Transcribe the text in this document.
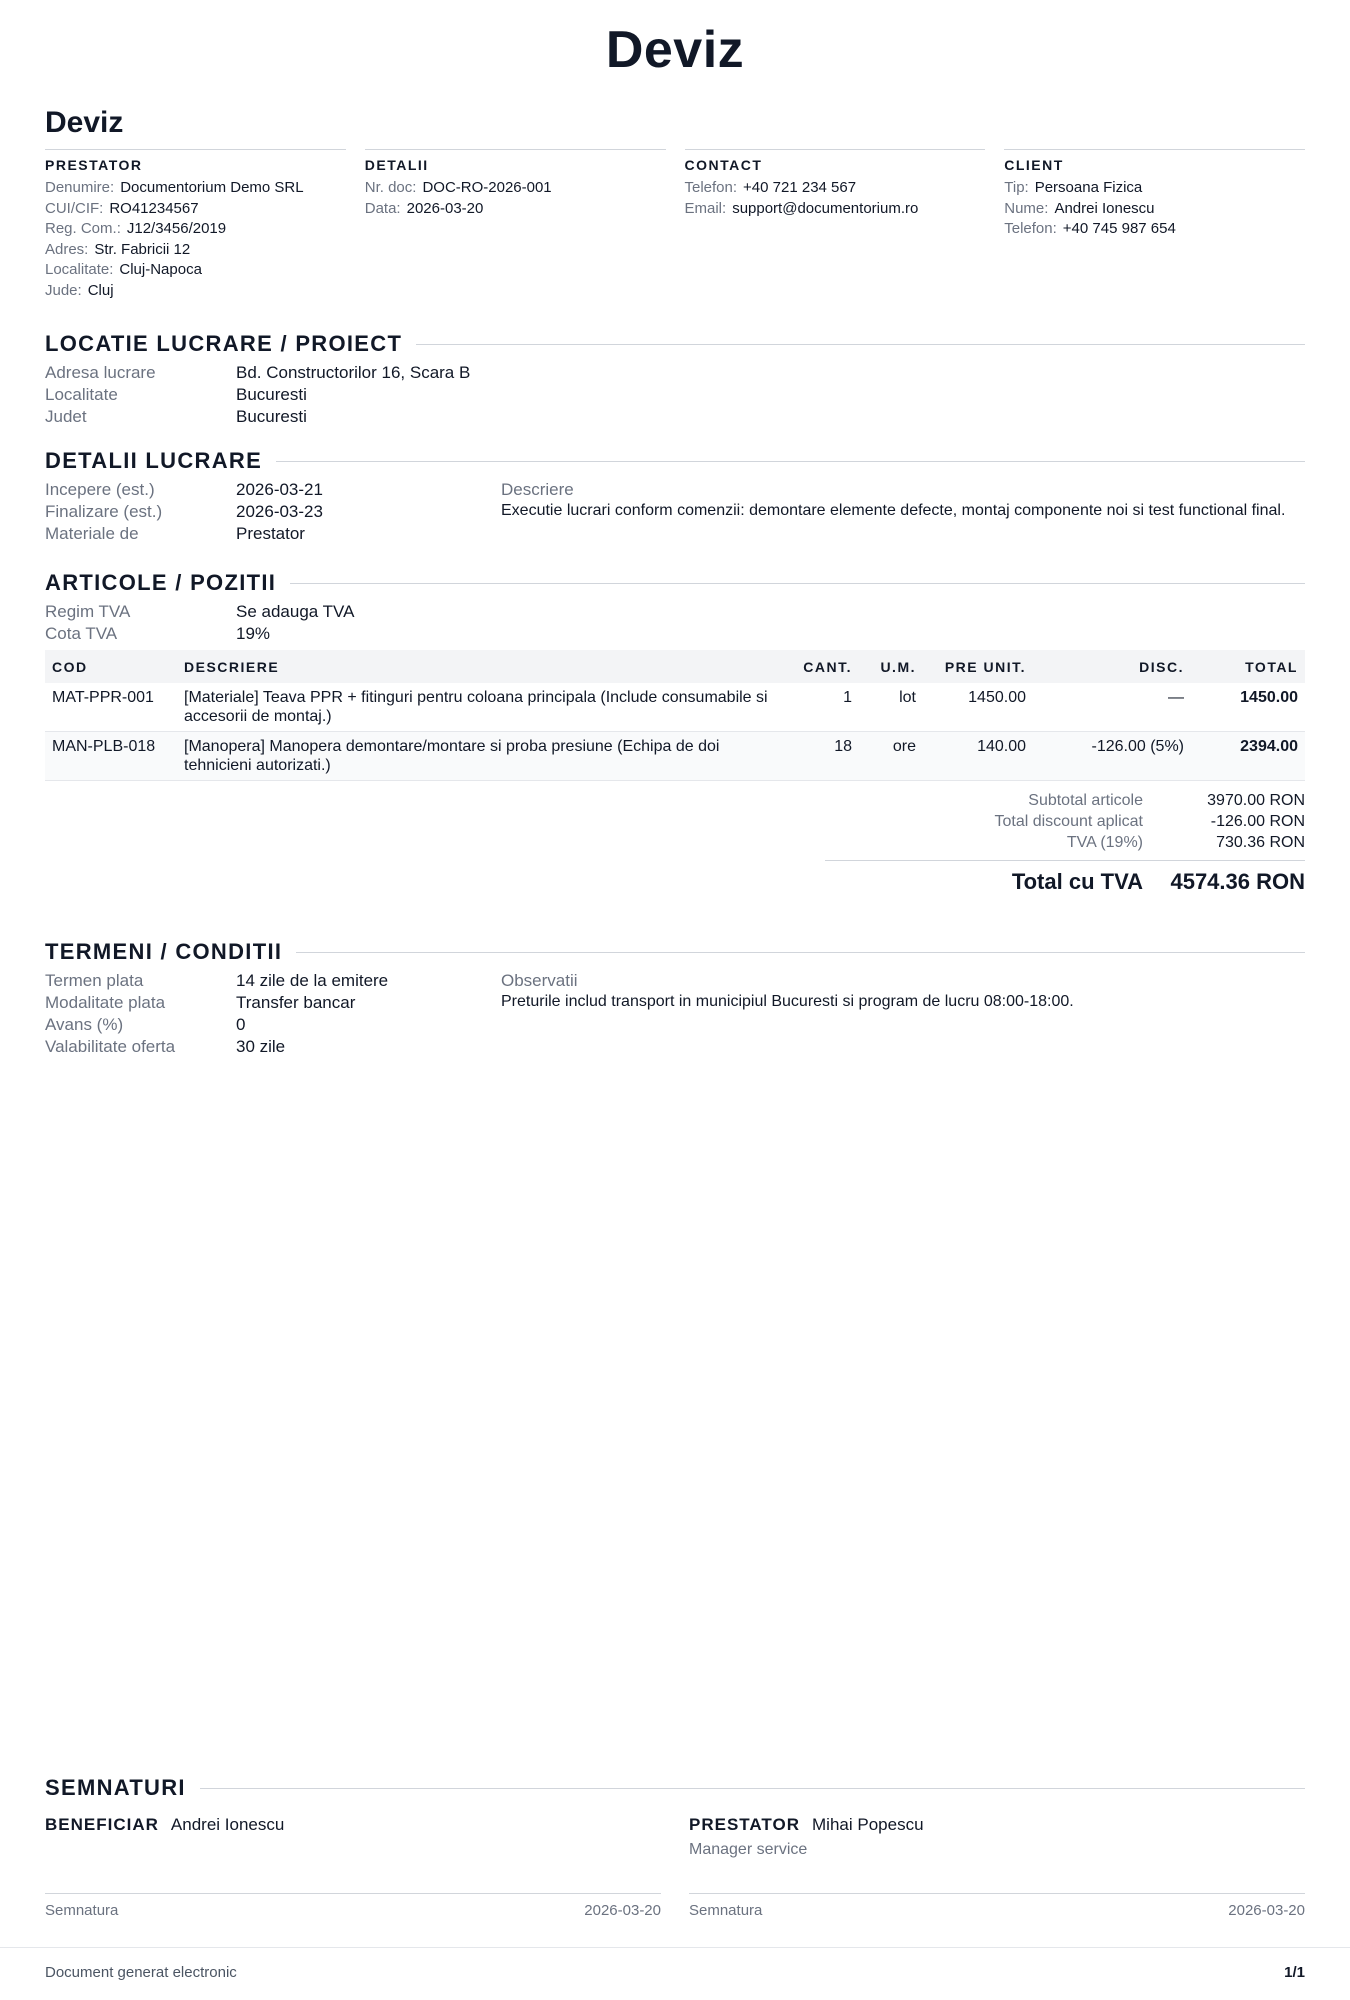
Deviz
Deviz
PRESTATOR
Denumire: Documentorium Demo SRL
CUI/CIF: RO41234567
Reg. Com.: J12/3456/2019
Adres: Str. Fabricii 12
Localitate: Cluj-Napoca
Jude: Cluj
DETALII
Nr. doc: DOC-RO-2026-001
Data: 2026-03-20
CONTACT
Telefon: +40 721 234 567
Email: support@documentorium.ro
CLIENT
Tip: Persoana Fizica
Nume: Andrei Ionescu
Telefon: +40 745 987 654
LOCATIE LUCRARE / PROIECT
Adresa lucrare	Bd. Constructorilor 16, Scara B
Localitate	Bucuresti
Judet	Bucuresti
DETALII LUCRARE
Incepere (est.)	2026-03-21
Finalizare (est.)	2026-03-23
Materiale de	Prestator
Descriere
Executie lucrari conform comenzii: demontare elemente defecte, montaj componente noi si test functional final.
ARTICOLE / POZITII
Regim TVA	Se adauga TVA
Cota TVA	19%
COD	DESCRIERE	CANT.	U.M.	PRE UNIT.	DISC.	TOTAL
MAT-PPR-001	[Materiale] Teava PPR + fitinguri pentru coloana principala (Include consumabile si accesorii de montaj.)	1	lot	1450.00	—	1450.00
MAN-PLB-018	[Manopera] Manopera demontare/montare si proba presiune (Echipa de doi tehnicieni autorizati.)	18	ore	140.00	-126.00 (5%)	2394.00
Subtotal articole	3970.00 RON
Total discount aplicat	-126.00 RON
TVA (19%)	730.36 RON
Total cu TVA	4574.36 RON
TERMENI / CONDITII
Termen plata	14 zile de la emitere
Modalitate plata	Transfer bancar
Avans (%)	0
Valabilitate oferta	30 zile
Observatii
Preturile includ transport in municipiul Bucuresti si program de lucru 08:00-18:00.
SEMNATURI
BENEFICIAR Andrei Ionescu	PRESTATOR Mihai Popescu
Manager service
Semnatura	2026-03-20 Semnatura	2026-03-20
Document generat electronic	1/1
